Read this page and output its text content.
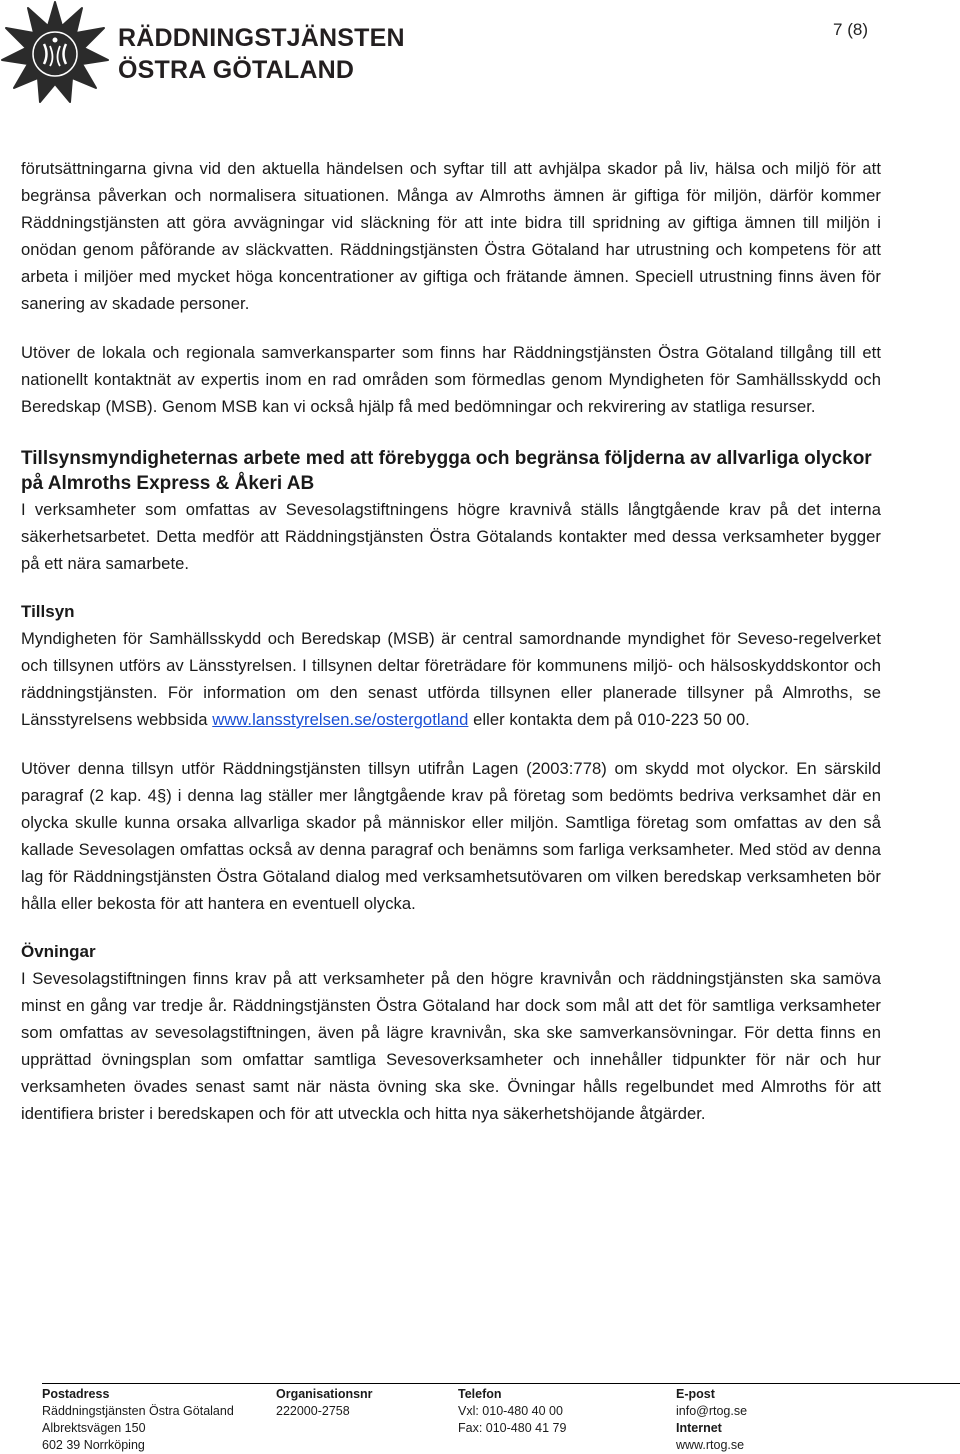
RÄDDNINGSTJÄNSTEN
ÖSTRA GÖTALAND
7 (8)

förutsättningarna givna vid den aktuella händelsen och syftar till att avhjälpa skador på liv, hälsa och miljö för att begränsa påverkan och normalisera situationen. Många av Almroths ämnen är giftiga för miljön, därför kommer Räddningstjänsten att göra avvägningar vid släckning för att inte bidra till spridning av giftiga ämnen till miljön i onödan genom påförande av släckvatten. Räddningstjänsten Östra Götaland har utrustning och kompetens för att arbeta i miljöer med mycket höga koncentrationer av giftiga och frätande ämnen. Speciell utrustning finns även för sanering av skadade personer.

Utöver de lokala och regionala samverkansparter som finns har Räddningstjänsten Östra Götaland tillgång till ett nationellt kontaktnät av expertis inom en rad områden som förmedlas genom Myndigheten för Samhällsskydd och Beredskap (MSB). Genom MSB kan vi också hjälp få med bedömningar och rekvirering av statliga resurser.

Tillsynsmyndigheternas arbete med att förebygga och begränsa följderna av allvarliga olyckor på Almroths Express & Åkeri AB

I verksamheter som omfattas av Sevesolagstiftningens högre kravnivå ställs långtgående krav på det interna säkerhetsarbetet. Detta medför att Räddningstjänsten Östra Götalands kontakter med dessa verksamheter bygger på ett nära samarbete.

Tillsyn

Myndigheten för Samhällsskydd och Beredskap (MSB) är central samordnande myndighet för Seveso-regelverket och tillsynen utförs av Länsstyrelsen. I tillsynen deltar företrädare för kommunens miljö- och hälsoskyddskontor och räddningstjänsten. För information om den senast utförda tillsynen eller planerade tillsyner på Almroths, se Länsstyrelsens webbsida www.lansstyrelsen.se/ostergotland eller kontakta dem på 010-223 50 00.

Utöver denna tillsyn utför Räddningstjänsten tillsyn utifrån Lagen (2003:778) om skydd mot olyckor. En särskild paragraf (2 kap. 4§) i denna lag ställer mer långtgående krav på företag som bedömts bedriva verksamhet där en olycka skulle kunna orsaka allvarliga skador på människor eller miljön. Samtliga företag som omfattas av den så kallade Sevesolagen omfattas också av denna paragraf och benämns som farliga verksamheter. Med stöd av denna lag för Räddningstjänsten Östra Götaland dialog med verksamhetsutövaren om vilken beredskap verksamheten bör hålla eller bekosta för att hantera en eventuell olycka.

Övningar

I Sevesolagstiftningen finns krav på att verksamheter på den högre kravnivån och räddningstjänsten ska samöva minst en gång var tredje år. Räddningstjänsten Östra Götaland har dock som mål att det för samtliga verksamheter som omfattas av sevesolagstiftningen, även på lägre kravnivån, ska ske samverkansövningar. För detta finns en upprättad övningsplan som omfattar samtliga Sevesoverksamheter och innehåller tidpunkter för när och hur verksamheten övades senast samt när nästa övning ska ske. Övningar hålls regelbundet med Almroths för att identifiera brister i beredskapen och för att utveckla och hitta nya säkerhetshöjande åtgärder.

Postadress
Räddningstjänsten Östra Götaland
Albrektsvägen 150
602 39 Norrköping
Organisationsnr
222000-2758
Telefon
Vxl: 010-480 40 00
Fax: 010-480 41 79
E-post
info@rtog.se
Internet
www.rtog.se
